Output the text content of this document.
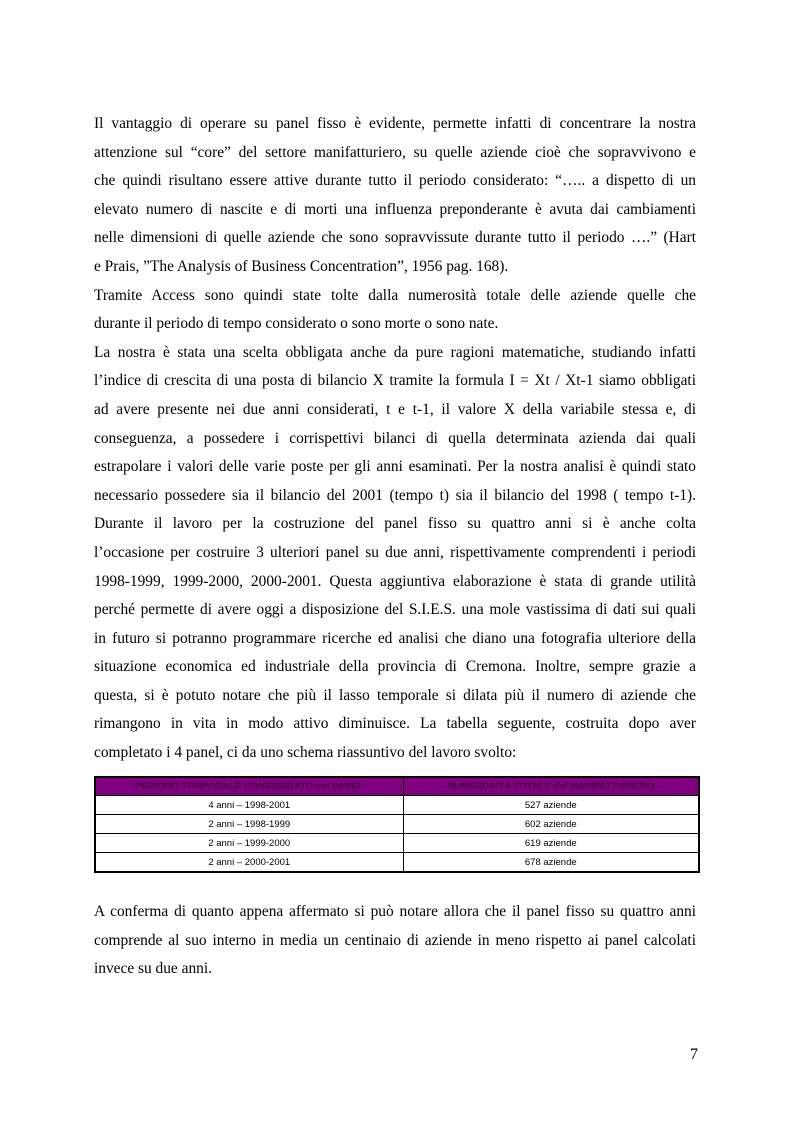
Il vantaggio di operare su panel fisso è evidente, permette infatti di concentrare la nostra

attenzione sul “core” del settore manifatturiero, su quelle aziende cioè che sopravvivono e

che quindi risultano essere attive durante tutto il periodo considerato: “….. a dispetto di un

elevato numero di nascite e di morti una influenza preponderante è avuta dai cambiamenti

nelle dimensioni di quelle aziende che sono sopravvissute durante tutto il periodo ….” (Hart

e Prais, ”The Analysis of Business Concentration”, 1956 pag. 168).

Tramite Access sono quindi state tolte dalla numerosità totale delle aziende quelle che

durante il periodo di tempo considerato o sono morte o sono nate.

La nostra è stata una scelta obbligata anche da pure ragioni matematiche, studiando infatti

l’indice di crescita di una posta di bilancio X tramite la formula I = Xt / Xt-1 siamo obbligati

ad avere presente nei due anni considerati, t e t-1, il valore X della variabile stessa e, di

conseguenza, a possedere i corrispettivi bilanci di quella determinata azienda dai quali

estrapolare i valori delle varie poste per gli anni esaminati. Per la nostra analisi è quindi stato

necessario possedere sia il bilancio del 2001 (tempo t) sia il bilancio del 1998 ( tempo t-1).

Durante il lavoro per la costruzione del panel fisso su quattro anni si è anche colta

l’occasione per costruire 3 ulteriori panel su due anni, rispettivamente comprendenti i periodi

1998-1999, 1999-2000, 2000-2001. Questa aggiuntiva elaborazione è stata di grande utilità

perché permette di avere oggi a disposizione del S.I.E.S. una mole vastissima di dati sui quali

in futuro si potranno programmare ricerche ed analisi che diano una fotografia ulteriore della

situazione economica ed industriale della provincia di Cremona. Inoltre, sempre grazie a

questa, si è potuto notare che più il lasso temporale si dilata più il numero di aziende che

rimangono in vita in modo attivo diminuisce. La tabella seguente, costruita dopo aver

completato i 4 panel, ci da uno schema riassuntivo del lavoro svolto:

PERIODO TEMPORALE CONSIDERATO nei PANEL	NUMEROSITÁ TOTALE del MANIFATTURIERO
4 anni – 1998-2001	527 aziende
2 anni – 1998-1999	602 aziende
2 anni – 1999-2000	619 aziende
2 anni – 2000-2001	678 aziende

A conferma di quanto appena affermato si può notare allora che il panel fisso su quattro anni

comprende al suo interno in media un centinaio di aziende in meno rispetto ai panel calcolati

invece su due anni.

7
